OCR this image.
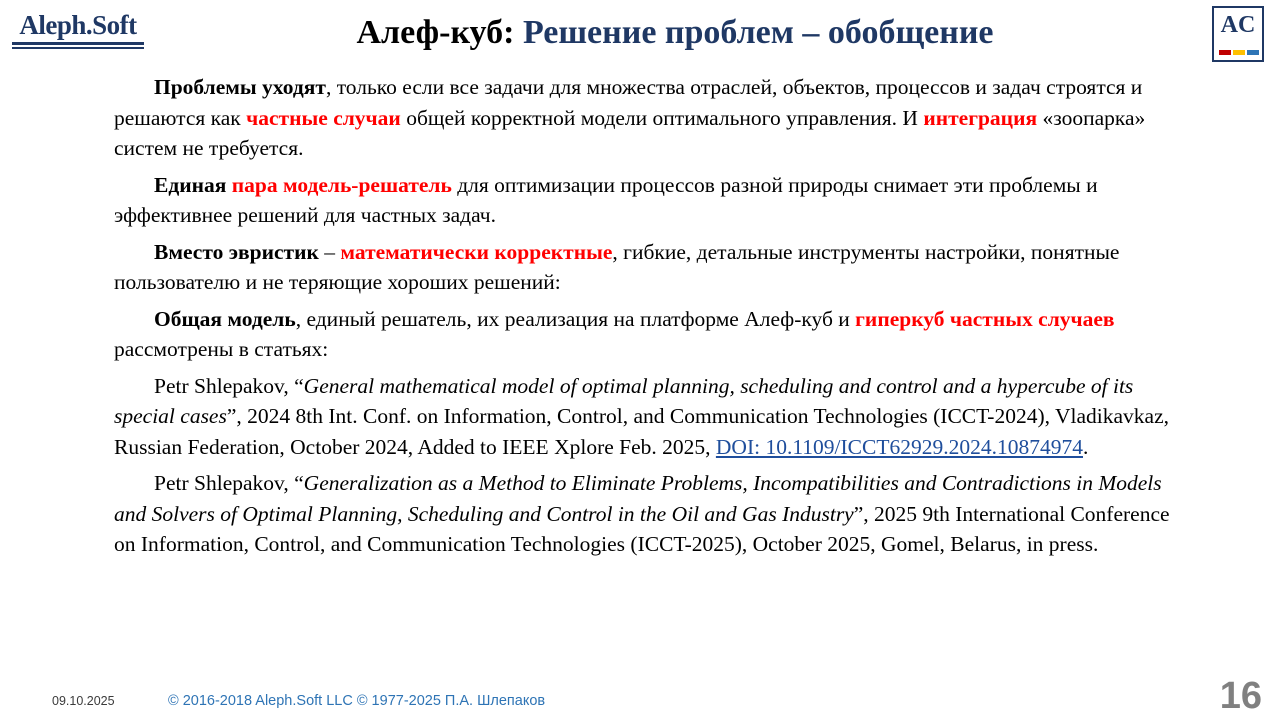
Aleph.Soft	Алеф-куб: Решение проблем – обобщение	AC

Проблемы уходят, только если все задачи для множества отраслей, объектов, процессов и задач строятся и решаются как частные случаи общей корректной модели оптимального управления. И интеграция «зоопарка» систем не требуется.

Единая пара модель-решатель для оптимизации процессов разной природы снимает эти проблемы и эффективнее решений для частных задач.

Вместо эвристик – математически корректные, гибкие, детальные инструменты настройки, понятные пользователю и не теряющие хороших решений:

Общая модель, единый решатель, их реализация на платформе Алеф-куб и гиперкуб частных случаев рассмотрены в статьях:

Petr Shlepakov, “General mathematical model of optimal planning, scheduling and control and a hypercube of its special cases”, 2024 8th Int. Conf. on Information, Control, and Communication Technologies (ICCT-2024), Vladikavkaz, Russian Federation, October 2024, Added to IEEE Xplore Feb. 2025, DOI: 10.1109/ICCT62929.2024.10874974.

Petr Shlepakov, “Generalization as a Method to Eliminate Problems, Incompatibilities and Contradictions in Models and Solvers of Optimal Planning, Scheduling and Control in the Oil and Gas Industry”, 2025 9th International Conference on Information, Control, and Communication Technologies (ICCT-2025), October 2025, Gomel, Belarus, in press.

09.10.2025	© 2016-2018 Aleph.Soft LLC © 1977-2025 П.А. Шлепаков	16
